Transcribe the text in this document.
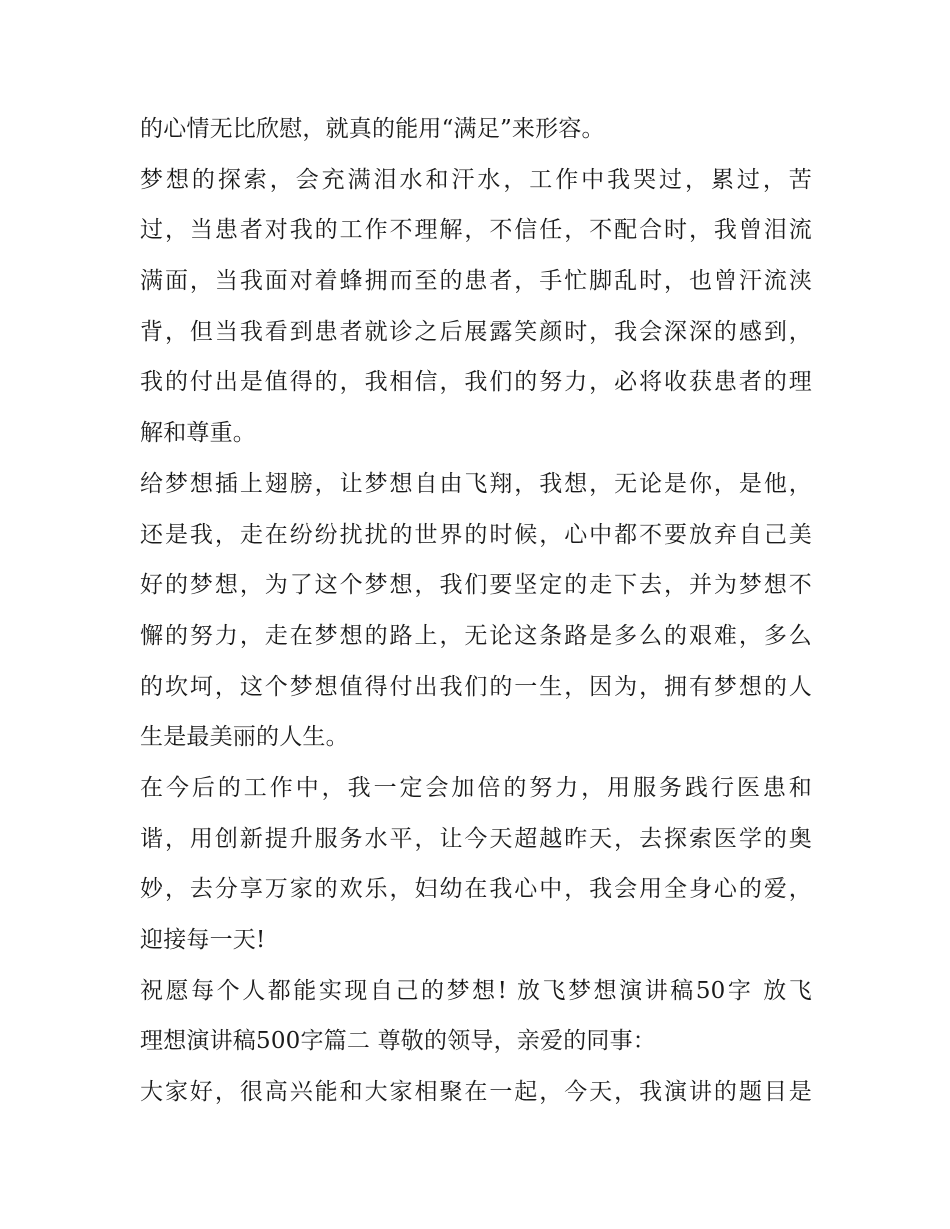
的心情无比欣慰，就真的能用“满足”来形容。
梦想的探索，会充满泪水和汗水，工作中我哭过，累过，苦
过，当患者对我的工作不理解，不信任，不配合时，我曾泪流
满面，当我面对着蜂拥而至的患者，手忙脚乱时，也曾汗流浃
背，但当我看到患者就诊之后展露笑颜时，我会深深的感到，
我的付出是值得的，我相信，我们的努力，必将收获患者的理
解和尊重。
给梦想插上翅膀，让梦想自由飞翔，我想，无论是你，是他，
还是我，走在纷纷扰扰的世界的时候，心中都不要放弃自己美
好的梦想，为了这个梦想，我们要坚定的走下去，并为梦想不
懈的努力，走在梦想的路上，无论这条路是多么的艰难，多么
的坎坷，这个梦想值得付出我们的一生，因为，拥有梦想的人
生是最美丽的人生。
在今后的工作中，我一定会加倍的努力，用服务践行医患和
谐，用创新提升服务水平，让今天超越昨天，去探索医学的奥
妙，去分享万家的欢乐，妇幼在我心中，我会用全身心的爱，
迎接每一天!
祝愿每个人都能实现自己的梦想! 放飞梦想演讲稿50字 放飞
理想演讲稿500字篇二 尊敬的领导，亲爱的同事：
大家好，很高兴能和大家相聚在一起，今天，我演讲的题目是
